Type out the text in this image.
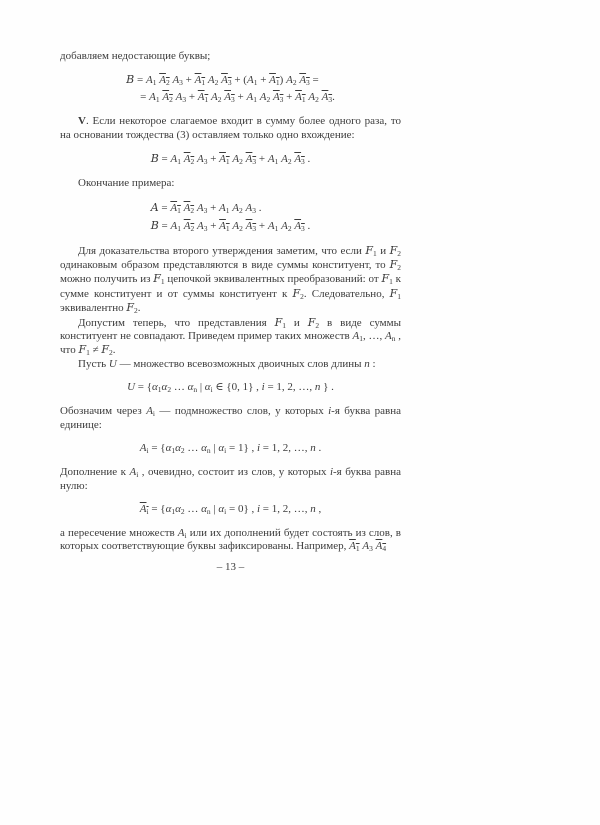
добавляем недостающие буквы;

$B = A_1$ $A_2$ $A_3 + A_1$ $A_2$ $A_3 + (A_1 + A_1)$ $A_2$ $A_3$ =
= $A_1$ $A_2$ $A_3 + A_1$ $A_2$ $A_3 + A_1$ $A_2$ $A_3 + A_1$ $A_2$ $A_3$.

V. Если некоторое слагаемое входит в сумму более одного раза, то на основании тождества (3) оставляем только одно вхождение:

$B = A_1$ $A_2$ $A_3 + A_1$ $A_2$ $A_3 + A_1$ $A_2$ $A_3$ .

Окончание примера:

$A = A_1$ $A_2$ $A_3 + A_1$ $A_2$ $A_3$ .
$B = A_1$ $A_2$ $A_3 + A_1$ $A_2$ $A_3 + A_1$ $A_2$ $A_3$ .

Для доказательства второго утверждения заметим, что если $F_1$ и $F_2$ одинаковым образом представляются в виде суммы конституент, то $F_2$ можно получить из $F_1$ цепочкой эквивалентных преобразований: от $F_1$ к сумме конституент и от суммы конституент к $F_2$. Следовательно, $F_1$ эквивалентно $F_2$.

Допустим теперь, что представления $F_1$ и $F_2$ в виде суммы конституент не совпадают. Приведем пример таких множеств $A_1$, …, $A_n$ , что $F_1 \ne F_2$.

Пусть U — множество всевозможных двоичных слов длины n :

$U = \{\alpha_1\alpha_2$ … $\alpha_n$ | $\alpha_i$ ∈ {0, 1} , i = 1, 2, …, n } .

Обозначим через $A_i$ — подмножество слов, у которых i-я буква равна единице:

$A_i = \{\alpha_1\alpha_2$ … $\alpha_n$ | $\alpha_i = 1$} , i = 1, 2, …, n .

Дополнение к $A_i$ , очевидно, состоит из слов, у которых i-я буква равна нулю:

$A_i = \{\alpha_1\alpha_2$ … $\alpha_n$ | $\alpha_i = 0$} , i = 1, 2, …, n ,

а пересечение множеств $A_i$ или их дополнений будет состоять из слов, в которых соответствующие буквы зафиксированы. Например, $A_1$ $A_3$ $A_4$

– 13 –
